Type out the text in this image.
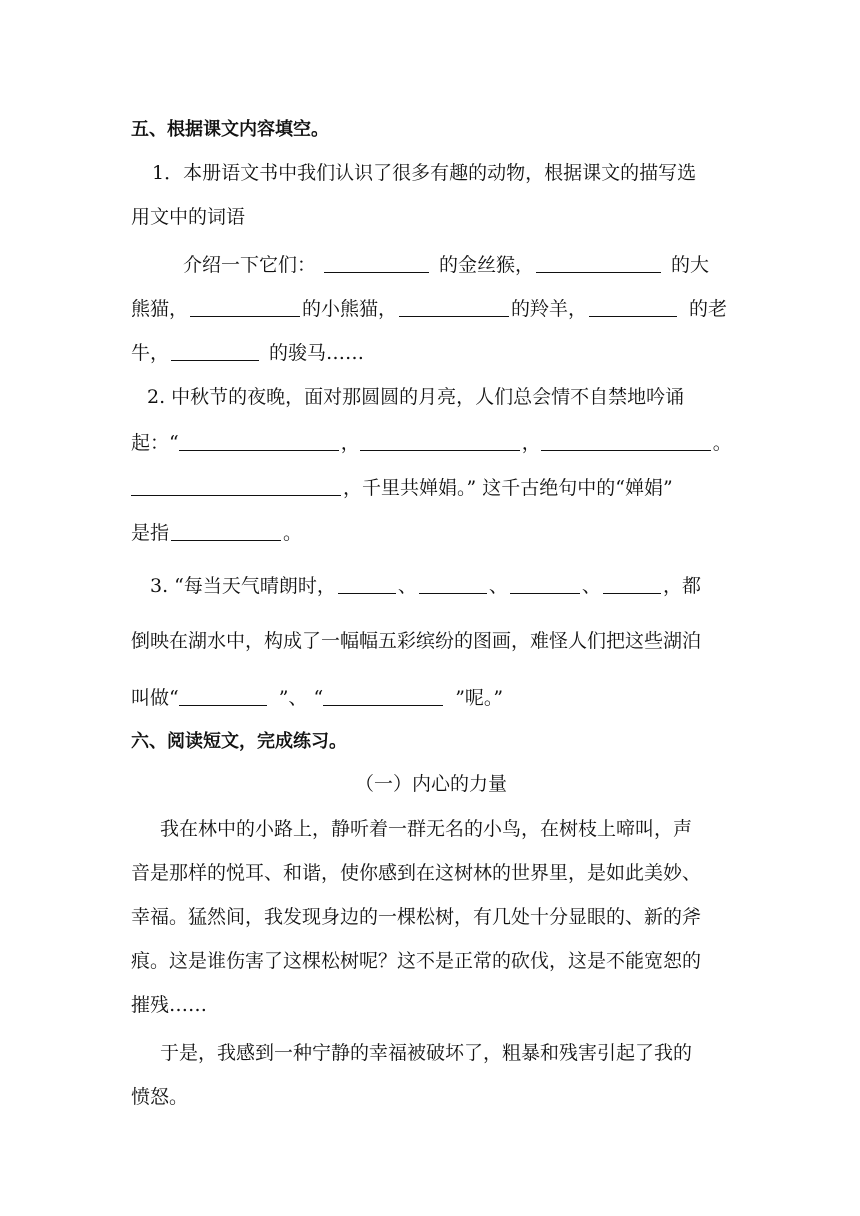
五、根据课文内容填空。
1．本册语文书中我们认识了很多有趣的动物，根据课文的描写选
用文中的词语
介绍一下它们：	的金丝猴，	的大
熊猫，	的小熊猫，	的羚羊，	的老
牛，	的骏马……
2. 中秋节的夜晚，面对那圆圆的月亮，人们总会情不自禁地吟诵
起：“	，	，	。
，千里共婵娟。” 这千古绝句中的“婵娟”
是指	。
3. “每当天气晴朗时，	、	、	、	，都
倒映在湖水中，构成了一幅幅五彩缤纷的图画，难怪人们把这些湖泊
叫做“	”、 “	”呢。”
六、阅读短文，完成练习。
（一）内心的力量
我在林中的小路上，静听着一群无名的小鸟，在树枝上啼叫，声
音是那样的悦耳、和谐，使你感到在这树林的世界里，是如此美妙、
幸福。猛然间，我发现身边的一棵松树，有几处十分显眼的、新的斧
痕。这是谁伤害了这棵松树呢？这不是正常的砍伐，这是不能宽恕的
摧残……
于是，我感到一种宁静的幸福被破坏了，粗暴和残害引起了我的
愤怒。
